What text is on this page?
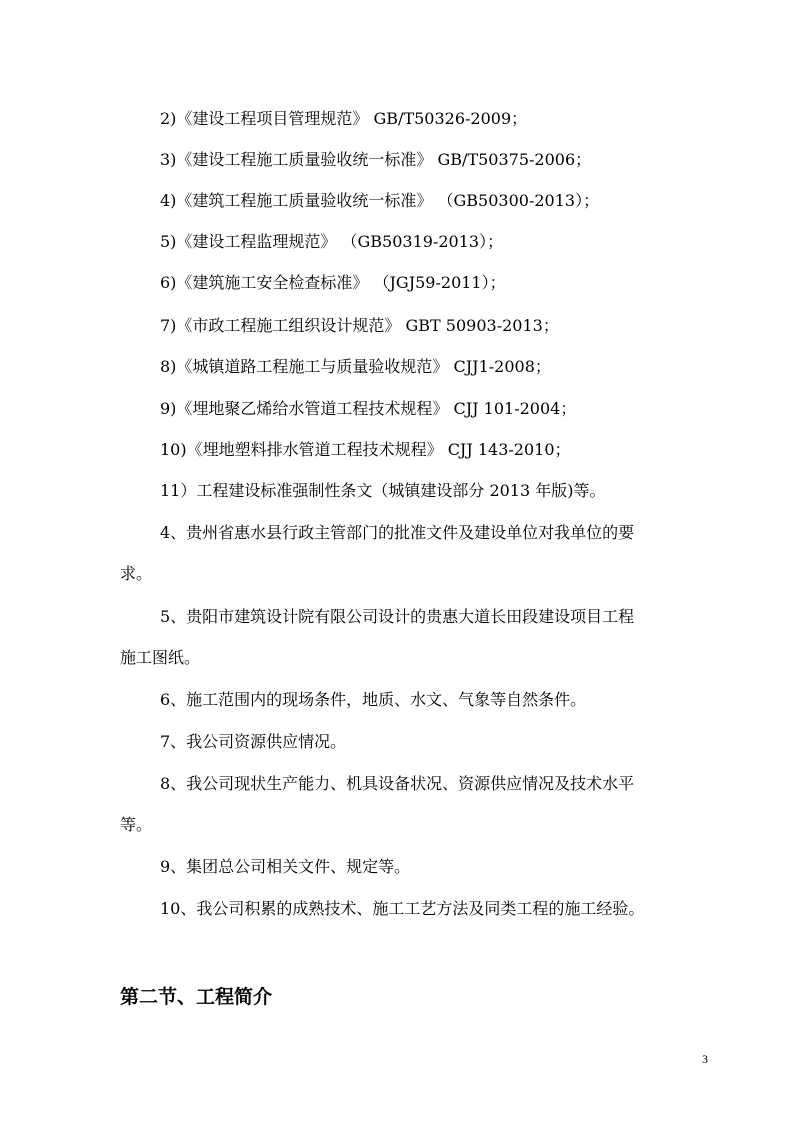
2)《建设工程项目管理规范》 GB/T50326-2009；
3)《建设工程施工质量验收统一标准》 GB/T50375-2006；
4)《建筑工程施工质量验收统一标准》 （GB50300-2013）；
5)《建设工程监理规范》 （GB50319-2013）；
6)《建筑施工安全检查标准》 （JGJ59-2011）；
7)《市政工程施工组织设计规范》 GBT 50903-2013；
8)《城镇道路工程施工与质量验收规范》 CJJ1-2008；
9)《埋地聚乙烯给水管道工程技术规程》 CJJ 101-2004；
10)《埋地塑料排水管道工程技术规程》 CJJ 143-2010；
11）工程建设标准强制性条文（城镇建设部分 2013 年版)等。
4、贵州省惠水县行政主管部门的批准文件及建设单位对我单位的要
求。
5、贵阳市建筑设计院有限公司设计的贵惠大道长田段建设项目工程
施工图纸。
6、施工范围内的现场条件，地质、水文、气象等自然条件。
7、我公司资源供应情况。
8、我公司现状生产能力、机具设备状况、资源供应情况及技术水平
等。
9、集团总公司相关文件、规定等。
10、我公司积累的成熟技术、施工工艺方法及同类工程的施工经验。
第二节、工程简介
3
